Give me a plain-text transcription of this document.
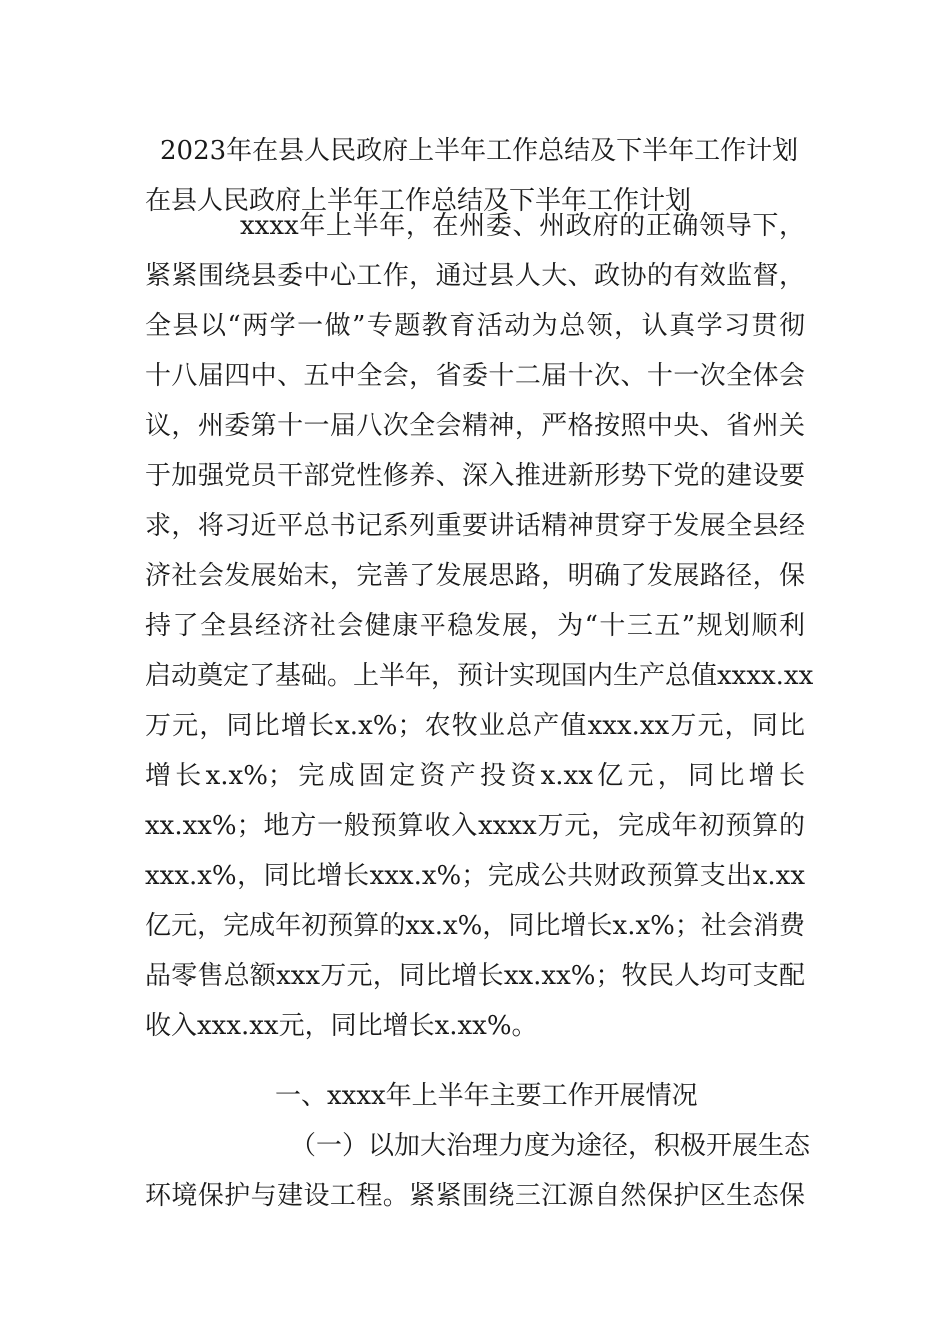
2023年在县人民政府上半年工作总结及下半年工作计划
在县人民政府上半年工作总结及下半年工作计划
xxxx年上半年，在州委、州政府的正确领导下，
紧紧围绕县委中心工作，通过县人大、政协的有效监督，
全县以“两学一做”专题教育活动为总领，认真学习贯彻
十八届四中、五中全会，省委十二届十次、十一次全体会
议，州委第十一届八次全会精神，严格按照中央、省州关
于加强党员干部党性修养、深入推进新形势下党的建设要
求，将习近平总书记系列重要讲话精神贯穿于发展全县经
济社会发展始末，完善了发展思路，明确了发展路径，保
持了全县经济社会健康平稳发展，为“十三五”规划顺利
启动奠定了基础。上半年，预计实现国内生产总值xxxx.xx
万元，同比增长x.x%；农牧业总产值xxx.xx万元，同比
增长x.x%；完成固定资产投资x.xx亿元，同比增长
xx.xx%；地方一般预算收入xxxx万元，完成年初预算的
xxx.x%，同比增长xxx.x%；完成公共财政预算支出x.xx
亿元，完成年初预算的xx.x%，同比增长x.x%；社会消费
品零售总额xxx万元，同比增长xx.xx%；牧民人均可支配
收入xxx.xx元，同比增长x.xx%。
一、xxxx年上半年主要工作开展情况
（一）以加大治理力度为途径，积极开展生态
环境保护与建设工程。紧紧围绕三江源自然保护区生态保
